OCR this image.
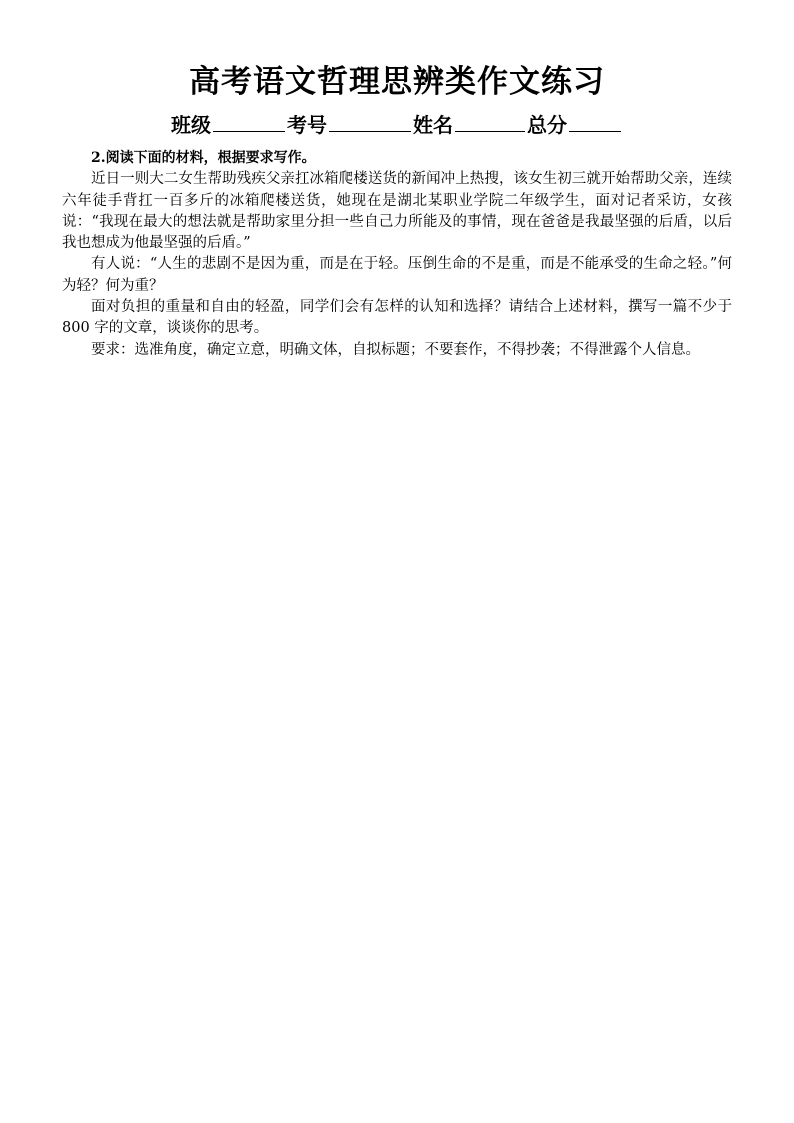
高考语文哲理思辨类作文练习
班级	考号	姓名	总分

2.阅读下面的材料，根据要求写作。

近日一则大二女生帮助残疾父亲扛冰箱爬楼送货的新闻冲上热搜，该女生初三就开始帮助父亲，连续六年徒手背扛一百多斤的冰箱爬楼送货，她现在是湖北某职业学院二年级学生，面对记者采访，女孩说：“我现在最大的想法就是帮助家里分担一些自己力所能及的事情，现在爸爸是我最坚强的后盾，以后我也想成为他最坚强的后盾。”

有人说：“人生的悲剧不是因为重，而是在于轻。压倒生命的不是重，而是不能承受的生命之轻。”何为轻？何为重？

面对负担的重量和自由的轻盈，同学们会有怎样的认知和选择？请结合上述材料，撰写一篇不少于 800 字的文章，谈谈你的思考。

要求：选准角度，确定立意，明确文体，自拟标题；不要套作，不得抄袭；不得泄露个人信息。
